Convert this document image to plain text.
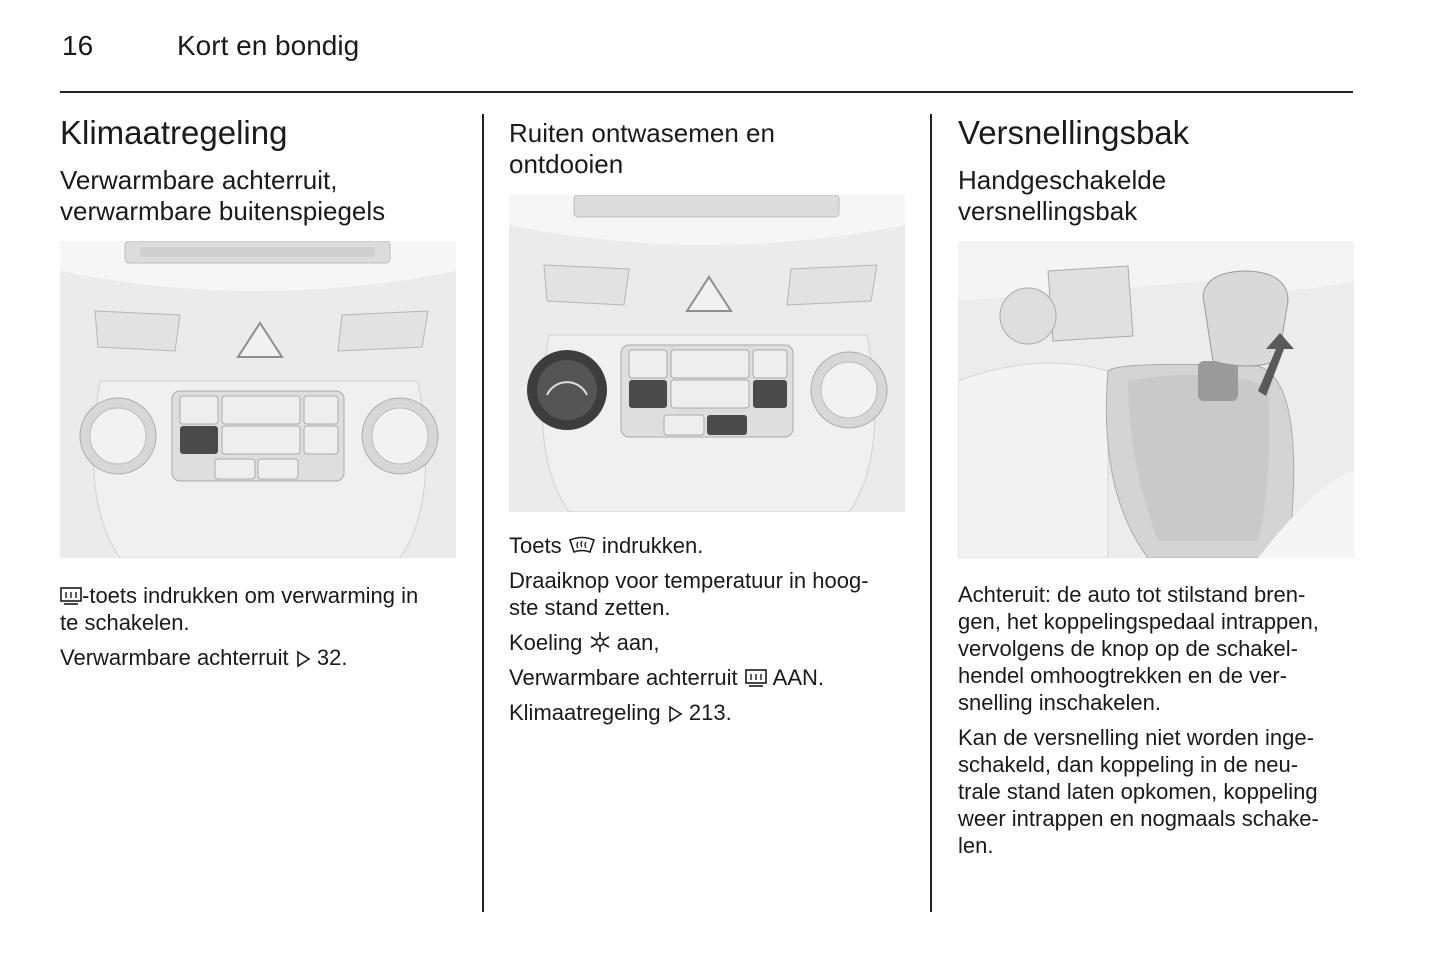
16	Kort en bondig
Klimaatregeling
Verwarmbare achterruit,
verwarmbare buitenspiegels

-toets indrukken om verwarming in
te schakelen.

Verwarmbare achterruit  32.

Ruiten ontwasemen en
ontdooien

Toets  indrukken.

Draaiknop voor temperatuur in hoog-
ste stand zetten.

Koeling  aan,

Verwarmbare achterruit  AAN.

Klimaatregeling  213.

Versnellingsbak
Handgeschakelde
versnellingsbak

Achteruit: de auto tot stilstand bren-
gen, het koppelingspedaal intrappen,
vervolgens de knop op de schakel-
hendel omhoogtrekken en de ver-
snelling inschakelen.

Kan de versnelling niet worden inge-
schakeld, dan koppeling in de neu-
trale stand laten opkomen, koppeling
weer intrappen en nogmaals schake-
len.
